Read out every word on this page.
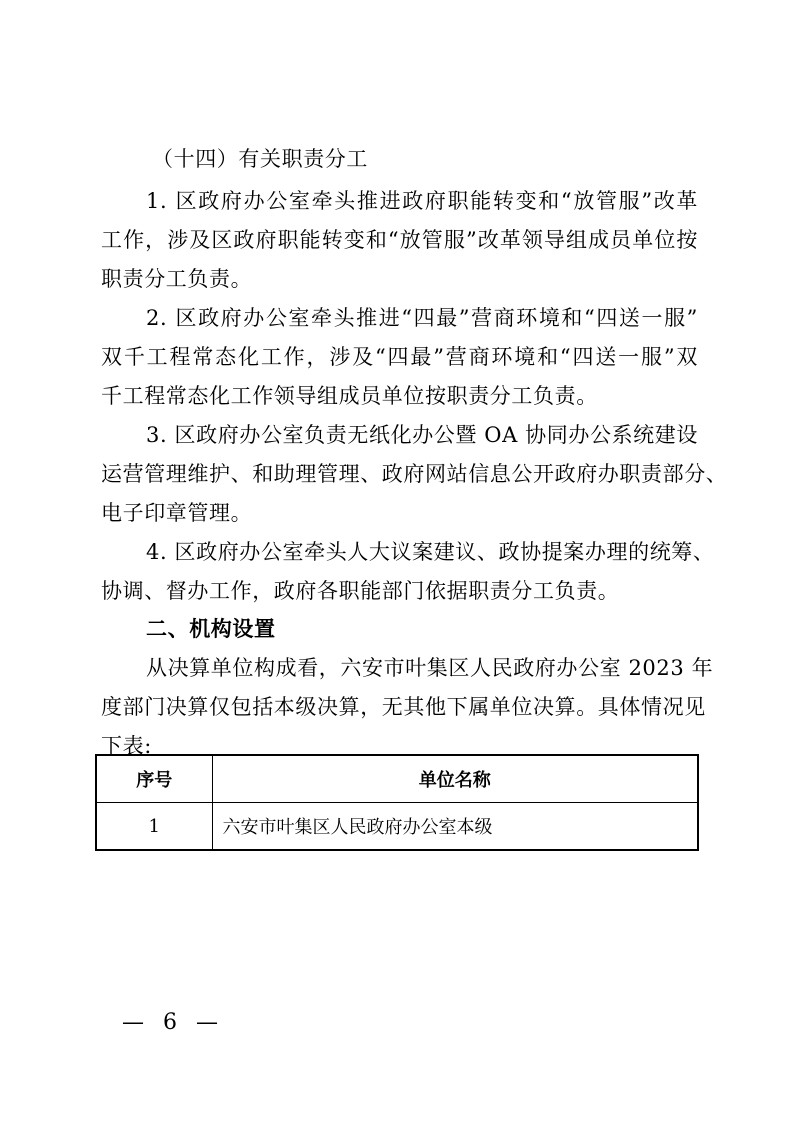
（十四）有关职责分工
1. 区政府办公室牵头推进政府职能转变和“放管服”改革
工作，涉及区政府职能转变和“放管服”改革领导组成员单位按
职责分工负责。
2. 区政府办公室牵头推进“四最”营商环境和“四送一服”
双千工程常态化工作，涉及“四最”营商环境和“四送一服”双
千工程常态化工作领导组成员单位按职责分工负责。
3. 区政府办公室负责无纸化办公暨 OA 协同办公系统建设
运营管理维护、和助理管理、政府网站信息公开政府办职责部分、
电子印章管理。
4. 区政府办公室牵头人大议案建议、政协提案办理的统筹、
协调、督办工作，政府各职能部门依据职责分工负责。
二、机构设置
从决算单位构成看，六安市叶集区人民政府办公室 2023 年
度部门决算仅包括本级决算，无其他下属单位决算。具体情况见
下表:
序号	单位名称
1	六安市叶集区人民政府办公室本级
— 6 —
